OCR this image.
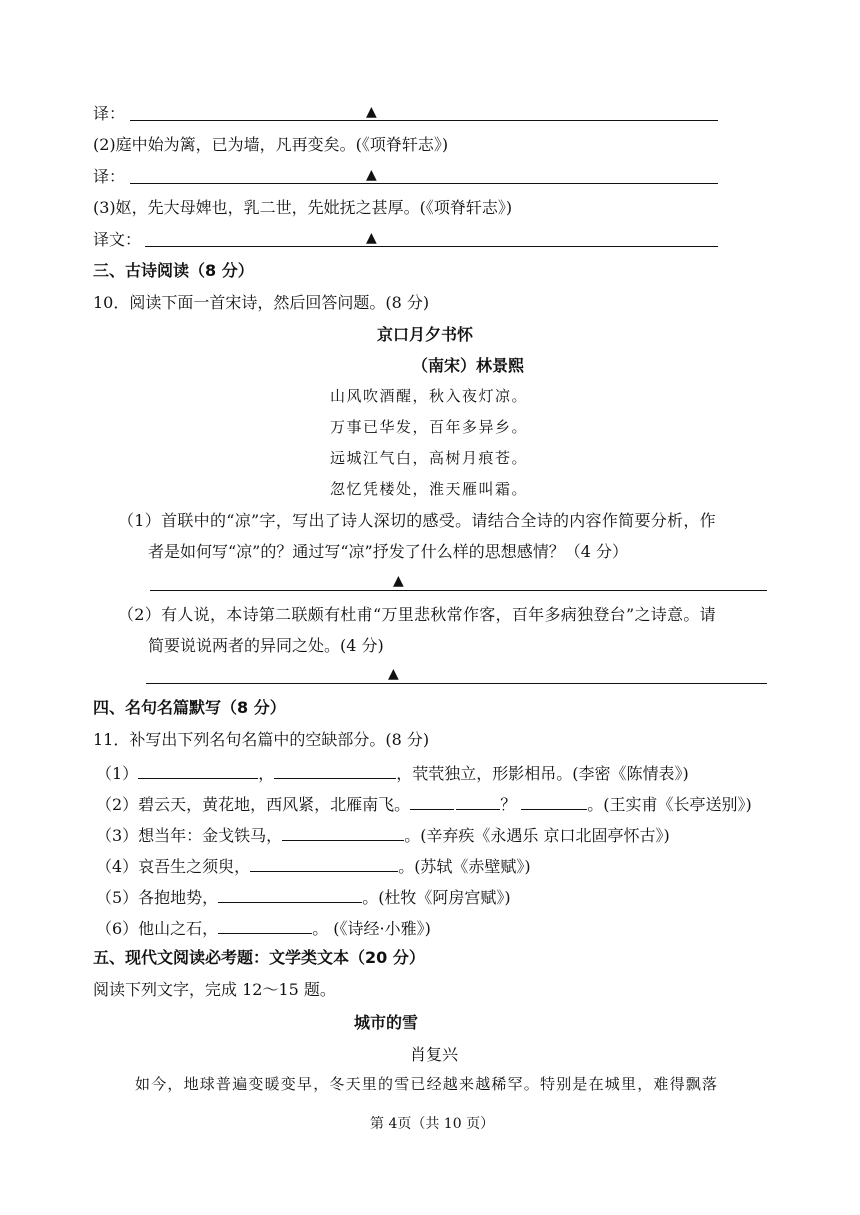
译：	▲
(2)庭中始为篱，已为墙，凡再变矣。(《项脊轩志》)
译：	▲
(3)妪，先大母婢也，乳二世，先妣抚之甚厚。(《项脊轩志》)
译文：	▲
三、古诗阅读（8 分）
10．阅读下面一首宋诗，然后回答问题。(8 分)
京口月夕书怀
（南宋）林景熙
山风吹酒醒，秋入夜灯凉。
万事已华发，百年多异乡。
远城江气白，高树月痕苍。
忽忆凭楼处，淮天雁叫霜。
（1）首联中的“凉”字，写出了诗人深切的感受。请结合全诗的内容作简要分析，作
者是如何写“凉”的？通过写“凉”抒发了什么样的思想感情？（4 分）
▲
（2）有人说，本诗第二联颇有杜甫“万里悲秋常作客，百年多病独登台”之诗意。请
简要说说两者的异同之处。(4 分)
▲
四、名句名篇默写（8 分）
11．补写出下列名句名篇中的空缺部分。(8 分)
（1）	，	，茕茕独立，形影相吊。(李密《陈情表》)
（2）碧云天，黄花地，西风紧，北雁南飞。	？	。(王实甫《长亭送别》)
（3）想当年：金戈铁马，	。(辛弃疾《永遇乐 京口北固亭怀古》)
（4）哀吾生之须臾，	。(苏轼《赤壁赋》)
（5）各抱地势，	。(杜牧《阿房宫赋》)
（6）他山之石，	。 (《诗经·小雅》)
五、现代文阅读必考题：文学类文本（20 分）
阅读下列文字，完成 12～15 题。
城市的雪
肖复兴
如今，地球普遍变暖变早，冬天里的雪已经越来越稀罕。特别是在城里，难得飘落
第 4页（共 10 页）
